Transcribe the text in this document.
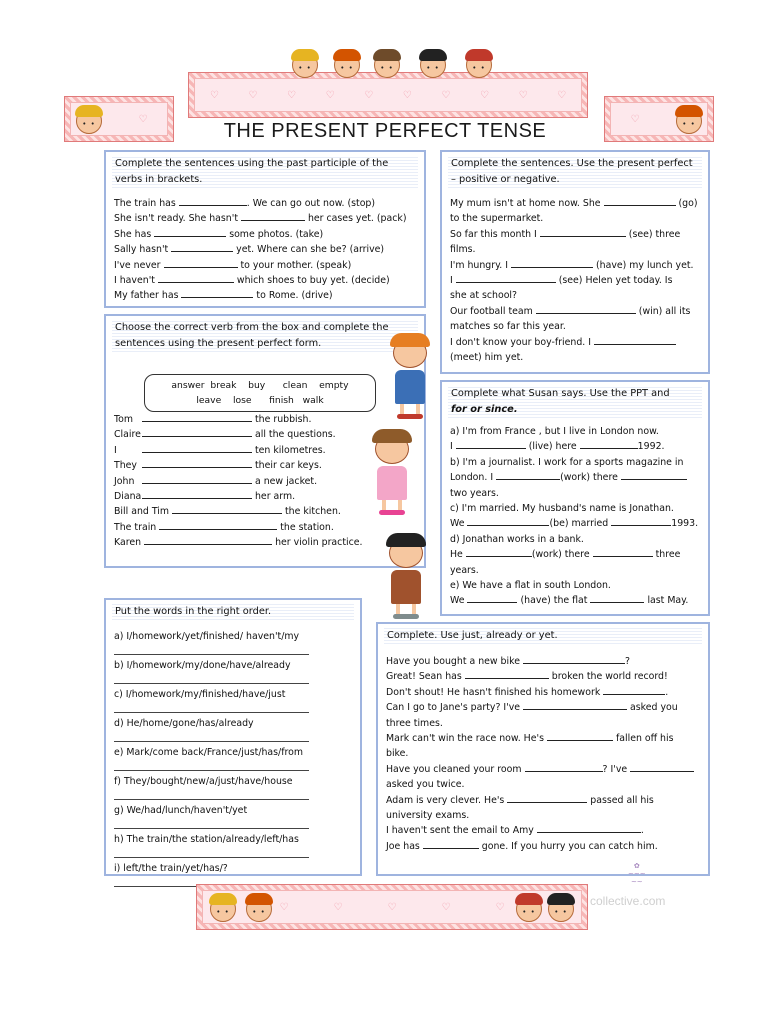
♡	♡	♡	♡	♡	♡	♡	♡	♡	♡
• •
• •
• •
• •
• •
♡ • •	♡
• •
THE PRESENT PERFECT TENSE
Complete the sentences using the past participle of the verbs in brackets.

The train has	. We can go out now. (stop)

She isn't ready. She hasn't	her cases yet. (pack)

She has	some photos. (take)

Sally hasn't	yet. Where can she be? (arrive)

I've never	to your mother. (speak)

I haven't	which shoes to buy yet. (decide)

My father has	to Rome. (drive)

Complete the sentences. Use the present perfect – positive or negative.

My mum isn't at home now. She	(go)

to the supermarket.

So far this month I	(see) three

films.

I'm hungry. I	(have) my lunch yet.

I	(see) Helen yet today. Is

she at school?

Our football team	(win) all its

matches so far this year.

I don't know your boy-friend. I

(meet) him yet.

Choose the correct verb from the box and complete the sentences using the present perfect form.
answer  break    buy      clean    empty
leave    lose      finish   walk

Tom	the rubbish.

Claire	all the questions.

I	ten kilometres.

They	their car keys.

John	a new jacket.

Diana	her arm.

Bill and Tim	the kitchen.

The train	the station.

Karen	her violin practice.

Complete what Susan says. Use the PPT and
for or since.

a) I'm from France , but I live in London now.

I	(live) here	1992.

b) I'm a journalist. I work for a sports magazine in

London. I	(work) there

two years.

c) I'm married. My husband's name is Jonathan.

We	(be) married	1993.

d) Jonathan works in a bank.

He	(work) there	three

years.

e) We have a flat in south London.

We	(have) the flat	last May.

Put the words in the right order.

a) I/homework/yet/finished/ haven't/my

b) I/homework/my/done/have/already

c) I/homework/my/finished/have/just

d) He/home/gone/has/already

e) Mark/come back/France/just/has/from

f) They/bought/new/a/just/have/house

g) We/had/lunch/haven't/yet

h) The train/the station/already/left/has

i) left/the train/yet/has/?

Complete. Use just, already or yet.

Have you bought a new bike	?

Great! Sean has	broken the world record!

Don't shout! He hasn't finished his homework	.

Can I go to Jane's party? I've	asked you

three times.

Mark can't win the race now. He's	fallen off his

bike.

Have you cleaned your room	? I've

asked you twice.

Adam is very clever. He's	passed all his

university exams.

I haven't sent the email to Amy	.

Joe has	gone. If you hurry you can catch him.

✿
~~~
~~
♡	♡	♡	♡	♡ • • • • • • • •	collective.com
